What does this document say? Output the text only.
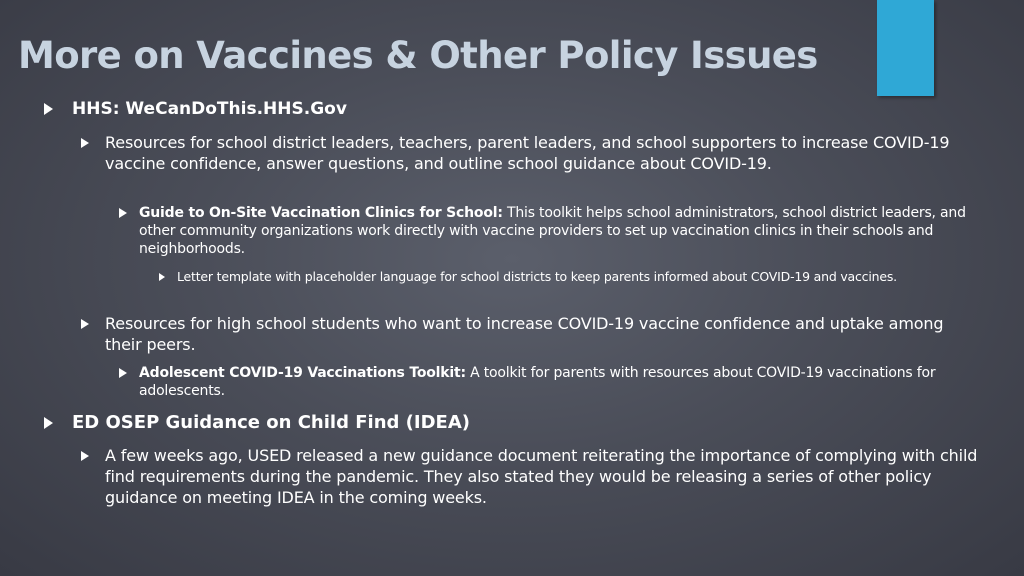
More on Vaccines & Other Policy Issues
HHS: WeCanDoThis.HHS.Gov
Resources for school district leaders, teachers, parent leaders, and school supporters to increase COVID-19 vaccine confidence, answer questions, and outline school guidance about COVID-19.
Guide to On-Site Vaccination Clinics for School: This toolkit helps school administrators, school district leaders, and other community organizations work directly with vaccine providers to set up vaccination clinics in their schools and neighborhoods.
Letter template with placeholder language for school districts to keep parents informed about COVID-19 and vaccines.
Resources for high school students who want to increase COVID-19 vaccine confidence and uptake among their peers.
Adolescent COVID-19 Vaccinations Toolkit: A toolkit for parents with resources about COVID-19 vaccinations for adolescents.
ED OSEP Guidance on Child Find (IDEA)
A few weeks ago, USED released a new guidance document reiterating the importance of complying with child find requirements during the pandemic. They also stated they would be releasing a series of other policy guidance on meeting IDEA in the coming weeks.
